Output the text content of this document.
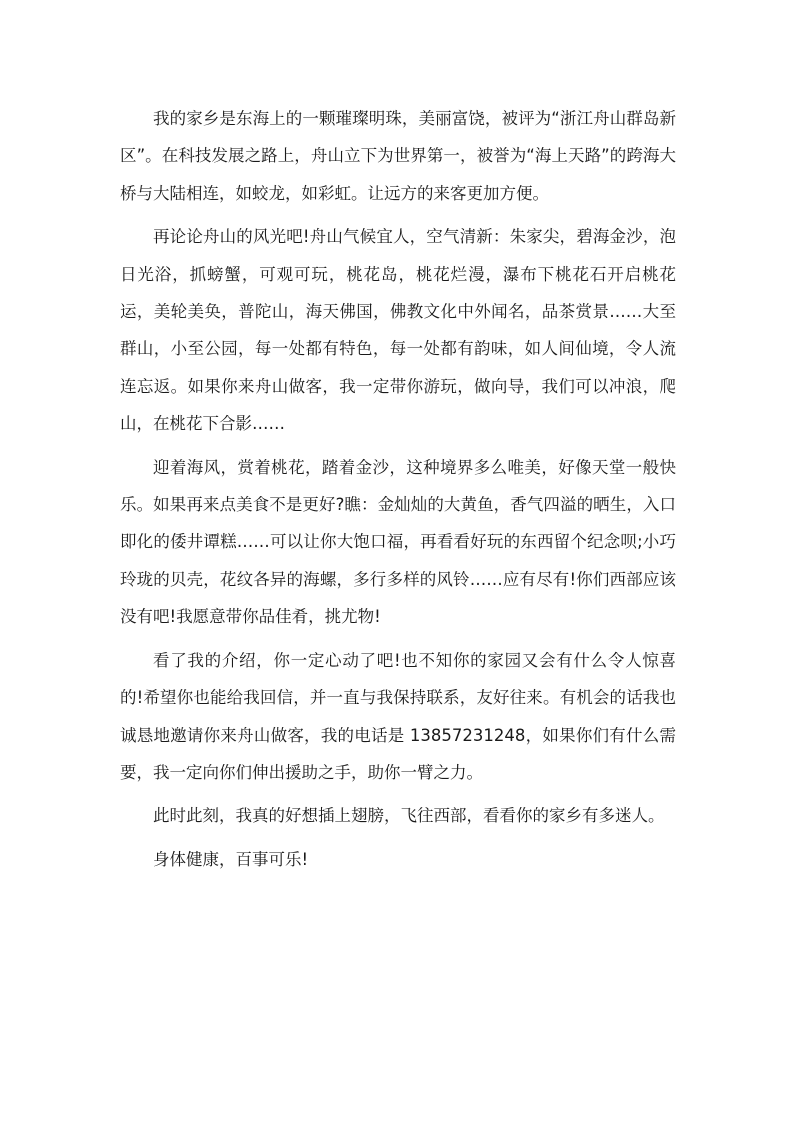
我的家乡是东海上的一颗璀璨明珠，美丽富饶，被评为“浙江舟山群岛新区”。在科技发展之路上，舟山立下为世界第一，被誉为“海上天路”的跨海大桥与大陆相连，如蛟龙，如彩虹。让远方的来客更加方便。

再论论舟山的风光吧!舟山气候宜人，空气清新：朱家尖，碧海金沙，泡日光浴，抓螃蟹，可观可玩，桃花岛，桃花烂漫，瀑布下桃花石开启桃花运，美轮美奂，普陀山，海天佛国，佛教文化中外闻名，品茶赏景……大至群山，小至公园，每一处都有特色，每一处都有韵味，如人间仙境，令人流连忘返。如果你来舟山做客，我一定带你游玩，做向导，我们可以冲浪，爬山，在桃花下合影……

迎着海风，赏着桃花，踏着金沙，这种境界多么唯美，好像天堂一般快乐。如果再来点美食不是更好?瞧：金灿灿的大黄鱼，香气四溢的晒生，入口即化的倭井谭糕……可以让你大饱口福，再看看好玩的东西留个纪念呗;小巧玲珑的贝壳，花纹各异的海螺，多行多样的风铃……应有尽有!你们西部应该没有吧!我愿意带你品佳肴，挑尤物!

看了我的介绍，你一定心动了吧!也不知你的家园又会有什么令人惊喜的!希望你也能给我回信，并一直与我保持联系，友好往来。有机会的话我也诚恳地邀请你来舟山做客，我的电话是 13857231248，如果你们有什么需要，我一定向你们伸出援助之手，助你一臂之力。

此时此刻，我真的好想插上翅膀，飞往西部，看看你的家乡有多迷人。

身体健康，百事可乐!
